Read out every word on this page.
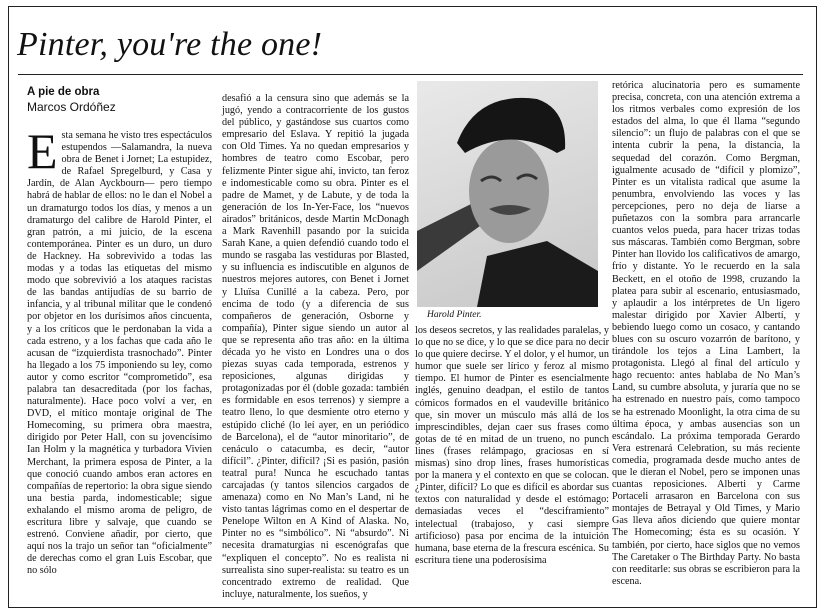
Pinter, you're the one!
A pie de obra
Marcos Ordóñez
Esta semana he visto tres espectáculos estupendos —Salamandra, la nueva obra de Benet i Jornet; La estupidez, de Rafael Spregelburd, y Casa y Jardín, de Alan Ayckbourn— pero tiempo habrá de hablar de ellos: no le dan el Nobel a un dramaturgo todos los días, y menos a un dramaturgo del calibre de Harold Pinter, el gran patrón, a mi juicio, de la escena contemporánea. Pinter es un duro, un duro de Hackney. Ha sobrevivido a todas las modas y a todas las etiquetas del mismo modo que sobrevivió a los ataques racistas de las bandas antijudías de su barrio de infancia, y al tribunal militar que le condenó por objetor en los durísimos años cincuenta, y a los críticos que le perdonaban la vida a cada estreno, y a los fachas que cada año le acusan de “izquierdista trasnochado”. Pinter ha llegado a los 75 imponiendo su ley, como autor y como escritor “comprometido”, esa palabra tan desacreditada (por los fachas, naturalmente). Hace poco volví a ver, en DVD, el mítico montaje original de The Homecoming, su primera obra maestra, dirigido por Peter Hall, con su jovencísimo Ian Holm y la magnética y turbadora Vivien Merchant, la primera esposa de Pinter, a la que conoció cuando ambos eran actores en compañías de repertorio: la obra sigue siendo una bestia parda, indomesticable; sigue exhalando el mismo aroma de peligro, de escritura libre y salvaje, que cuando se estrenó. Conviene añadir, por cierto, que aquí nos la trajo un señor tan “oficialmente” de derechas como el gran Luis Escobar, que no sólo
desafió a la censura sino que además se la jugó, yendo a contracorriente de los gustos del público, y gastándose sus cuartos como empresario del Eslava. Y repitió la jugada con Old Times. Ya no quedan empresarios y hombres de teatro como Escobar, pero felizmente Pinter sigue ahí, invicto, tan feroz e indomesticable como su obra. Pinter es el padre de Mamet, y de Labute, y de toda la generación de los In-Yer-Face, los “nuevos airados” británicos, desde Martin McDonagh a Mark Ravenhill pasando por la suicida Sarah Kane, a quien defendió cuando todo el mundo se rasgaba las vestiduras por Blasted, y su influencia es indiscutible en algunos de nuestros mejores autores, con Benet i Jornet y Lluïsa Cunillé a la cabeza. Pero, por encima de todo (y a diferencia de sus compañeros de generación, Osborne y compañía), Pinter sigue siendo un autor al que se representa año tras año: en la última década yo he visto en Londres una o dos piezas suyas cada temporada, estrenos y reposiciones, algunas dirigidas y protagonizadas por él (doble gozada: también es formidable en esos terrenos) y siempre a teatro lleno, lo que desmiente otro eterno y estúpido cliché (lo leí ayer, en un periódico de Barcelona), el de “autor minoritario”, de cenáculo o catacumba, es decir, “autor difícil”. ¿Pinter, difícil? ¡Si es pasión, pasión teatral pura! Nunca he escuchado tantas carcajadas (y tantos silencios cargados de amenaza) como en No Man’s Land, ni he visto tantas lágrimas como en el despertar de Penelope Wilton en A Kind of Alaska. No, Pinter no es “simbólico”. Ni “absurdo”. Ni necesita dramaturgias ni escenógrafas que “expliquen el concepto”. No es realista ni surrealista sino super-realista: su teatro es un concentrado extremo de realidad. Que incluye, naturalmente, los sueños, y
Harold Pinter.
los deseos secretos, y las realidades paralelas, y lo que no se dice, y lo que se dice para no decir lo que quiere decirse. Y el dolor, y el humor, un humor que suele ser lírico y feroz al mismo tiempo. El humor de Pinter es esencialmente inglés, genuino deadpan, el estilo de tantos cómicos formados en el vaudeville británico que, sin mover un músculo más allá de los imprescindibles, dejan caer sus frases como gotas de té en mitad de un trueno, no punch lines (frases relámpago, graciosas en sí mismas) sino drop lines, frases humorísticas por la manera y el contexto en que se colocan. ¿Pinter, difícil? Lo que es difícil es abordar sus textos con naturalidad y desde el estómago: demasiadas veces el “desciframiento” intelectual (trabajoso, y casi siempre artificioso) pasa por encima de la intuición humana, base eterna de la frescura escénica. Su escritura tiene una poderosísima
retórica alucinatoria pero es sumamente precisa, concreta, con una atención extrema a los ritmos verbales como expresión de los estados del alma, lo que él llama “segundo silencio”: un flujo de palabras con el que se intenta cubrir la pena, la distancia, la sequedad del corazón. Como Bergman, igualmente acusado de “difícil y plomizo”, Pinter es un vitalista radical que asume la penumbra, envolviendo las voces y las percepciones, pero no deja de liarse a puñetazos con la sombra para arrancarle cuantos velos pueda, para hacer trizas todas sus máscaras. También como Bergman, sobre Pinter han llovido los calificativos de amargo, frío y distante. Yo le recuerdo en la sala Beckett, en el otoño de 1998, cruzando la platea para subir al escenario, entusiasmado, y aplaudir a los intérpretes de Un ligero malestar dirigido por Xavier Albertí, y bebiendo luego como un cosaco, y cantando blues con su oscuro vozarrón de barítono, y tirándole los tejos a Lina Lambert, la protagonista. Llegó al final del artículo y hago recuento: antes hablaba de No Man’s Land, su cumbre absoluta, y juraría que no se ha estrenado en nuestro país, como tampoco se ha estrenado Moonlight, la otra cima de su última época, y ambas ausencias son un escándalo. La próxima temporada Gerardo Vera estrenará Celebration, su más reciente comedia, programada desde mucho antes de que le dieran el Nobel, pero se imponen unas cuantas reposiciones. Alberti y Carme Portaceli arrasaron en Barcelona con sus montajes de Betrayal y Old Times, y Mario Gas lleva años diciendo que quiere montar The Homecoming; ésta es su ocasión. Y también, por cierto, hace siglos que no vemos The Caretaker o The Birthday Party. No basta con reeditarle: sus obras se escribieron para la escena.
